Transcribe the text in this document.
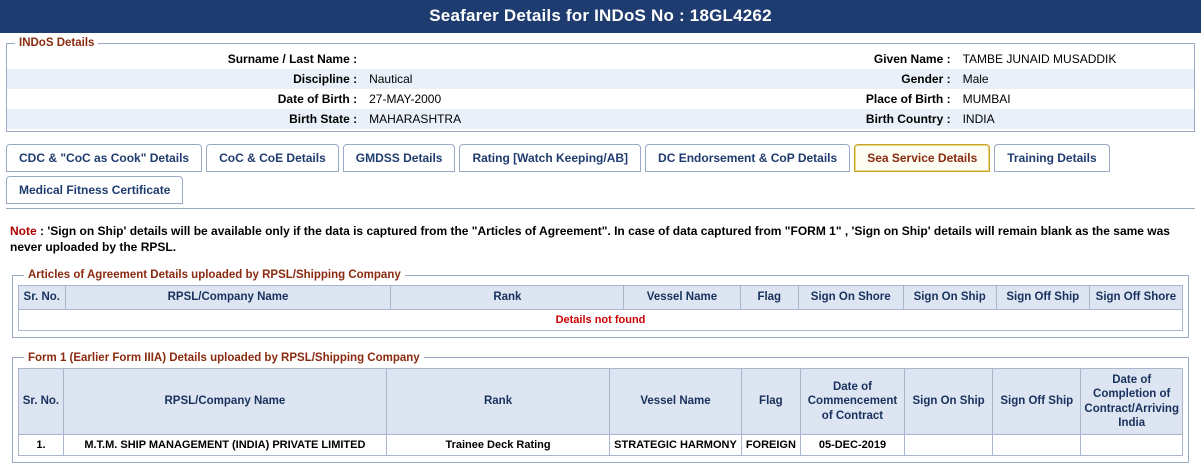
Seafarer Details for INDoS No : 18GL4262
INDoS Details
Surname / Last Name :		Given Name :	TAMBE JUNAID MUSADDIK
Discipline :	Nautical	Gender :	Male
Date of Birth :	27-MAY-2000	Place of Birth :	MUMBAI
Birth State :	MAHARASHTRA	Birth Country :	INDIA
CDC & "CoC as Cook" Details	CoC & CoE Details	GMDSS Details	Rating [Watch Keeping/AB]	DC Endorsement & CoP Details	Sea Service Details	Training Details
Medical Fitness Certificate
Note : 'Sign on Ship' details will be available only if the data is captured from the "Articles of Agreement". In case of data captured from "FORM 1" , 'Sign on Ship' details will remain blank as the same was never uploaded by the RPSL.
Articles of Agreement Details uploaded by RPSL/Shipping Company
Sr. No.	RPSL/Company Name	Rank	Vessel Name	Flag	Sign On Shore	Sign On Ship	Sign Off Ship	Sign Off Shore
Details not found
Form 1 (Earlier Form IIIA) Details uploaded by RPSL/Shipping Company
Sr. No.	RPSL/Company Name	Rank	Vessel Name	Flag	Date of Commencement of Contract	Sign On Ship	Sign Off Ship	Date of Completion of Contract/Arriving India
1.	M.T.M. SHIP MANAGEMENT (INDIA) PRIVATE LIMITED	Trainee Deck Rating	STRATEGIC HARMONY	FOREIGN	05-DEC-2019			
